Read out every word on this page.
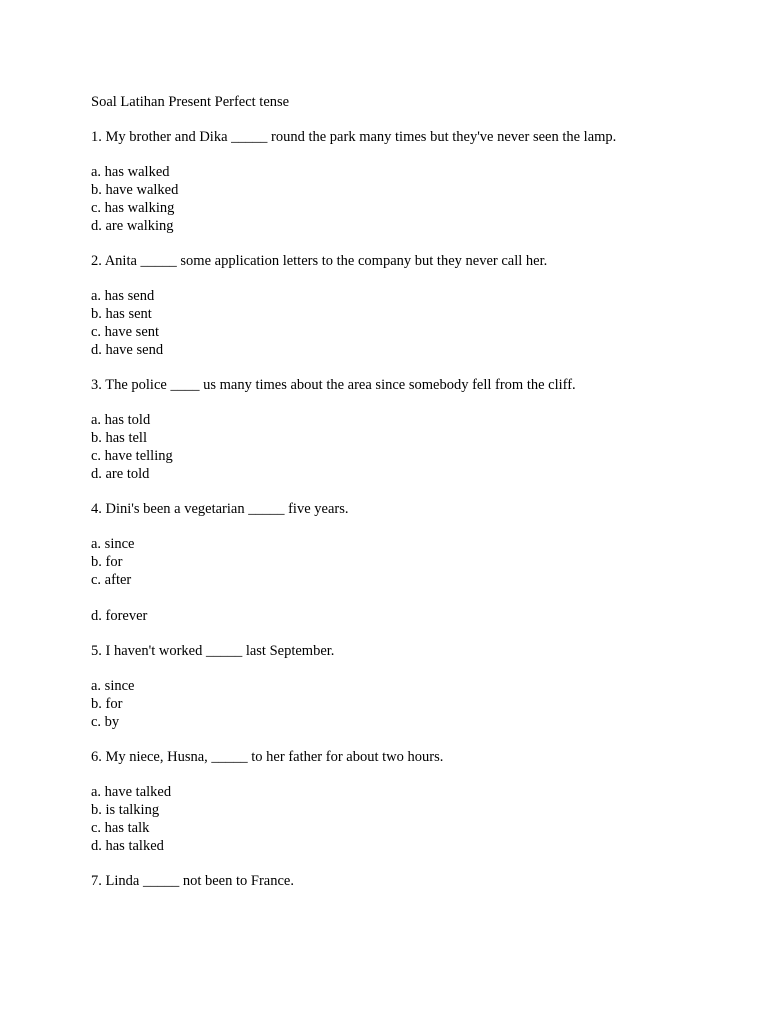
Soal Latihan Present Perfect tense

1. My brother and Dika _____ round the park many times but they've never seen the lamp.

a. has walked
b. have walked
c. has walking
d. are walking

2. Anita _____ some application letters to the company but they never call her.

a. has send
b. has sent
c. have sent
d. have send

3. The police ____ us many times about the area since somebody fell from the cliff.

a. has told
b. has tell
c. have telling
d. are told

4. Dini's been a vegetarian _____ five years.

a. since
b. for
c. after
d. forever

5. I haven't worked _____ last September.

a. since
b. for
c. by

6. My niece, Husna, _____ to her father for about two hours.

a. have talked
b. is talking
c. has talk
d. has talked

7. Linda _____ not been to France.
